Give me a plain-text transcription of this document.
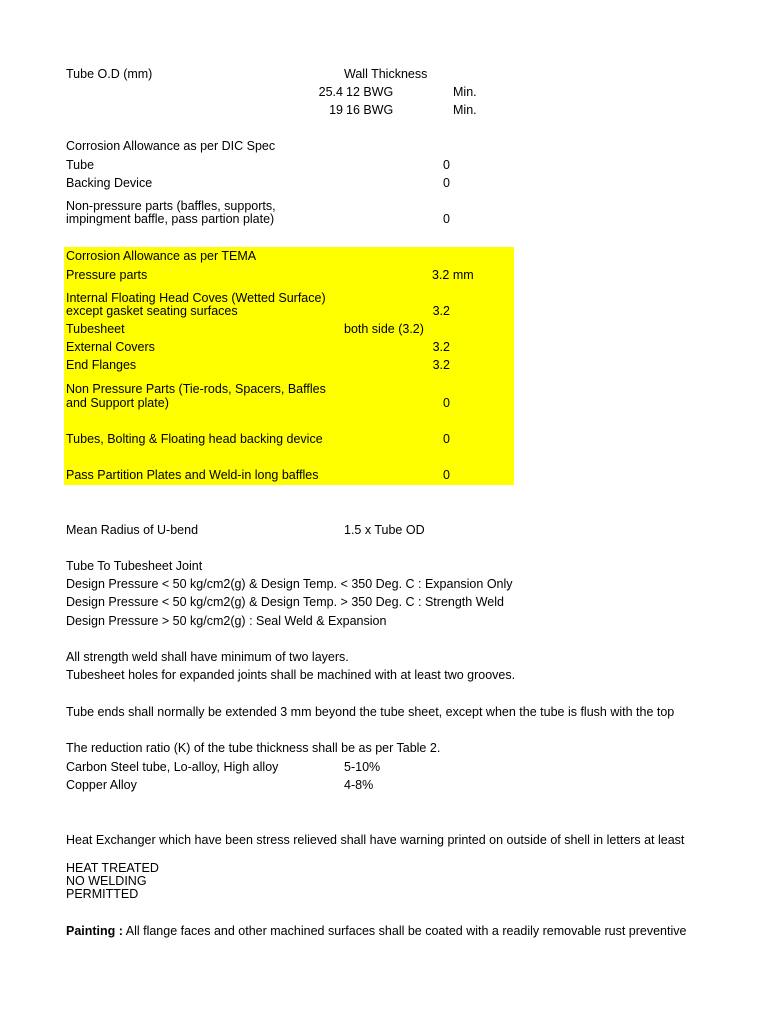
Tube O.D (mm)	Wall Thickness
25.4 12 BWG	Min.
19 16 BWG	Min.
Corrosion Allowance as per DIC Spec
Tube	0
Backing Device	0
Non-pressure parts (baffles, supports,
impingment baffle, pass partion plate)	0
Corrosion Allowance as per TEMA
Pressure parts	3.2 mm
Internal Floating Head Coves (Wetted Surface)
except gasket seating surfaces	3.2
Tubesheet	both side (3.2)
External Covers	3.2
End Flanges	3.2
Non Pressure Parts (Tie-rods, Spacers, Baffles
and Support plate)	0
Tubes, Bolting & Floating head backing device	0
Pass Partition Plates and Weld-in long baffles	0
Mean Radius of U-bend	1.5 x Tube OD
Tube To Tubesheet Joint
Design Pressure < 50 kg/cm2(g) & Design Temp. < 350 Deg. C : Expansion Only
Design Pressure < 50 kg/cm2(g) & Design Temp. > 350 Deg. C : Strength Weld
Design Pressure > 50 kg/cm2(g) : Seal Weld & Expansion
All strength weld shall have minimum of two layers.
Tubesheet holes for expanded joints shall be machined with at least two grooves.
Tube ends shall normally be extended 3 mm beyond the tube sheet, except when the tube is flush with the top
The reduction ratio (K) of the tube thickness shall be as per Table 2.
Carbon Steel tube, Lo-alloy, High alloy	5-10%
Copper Alloy	4-8%
Heat Exchanger which have been stress relieved shall have warning printed on outside of shell in letters at least
HEAT TREATED
NO WELDING
PERMITTED
Painting : All flange faces and other machined surfaces shall be coated with a readily removable rust preventive
